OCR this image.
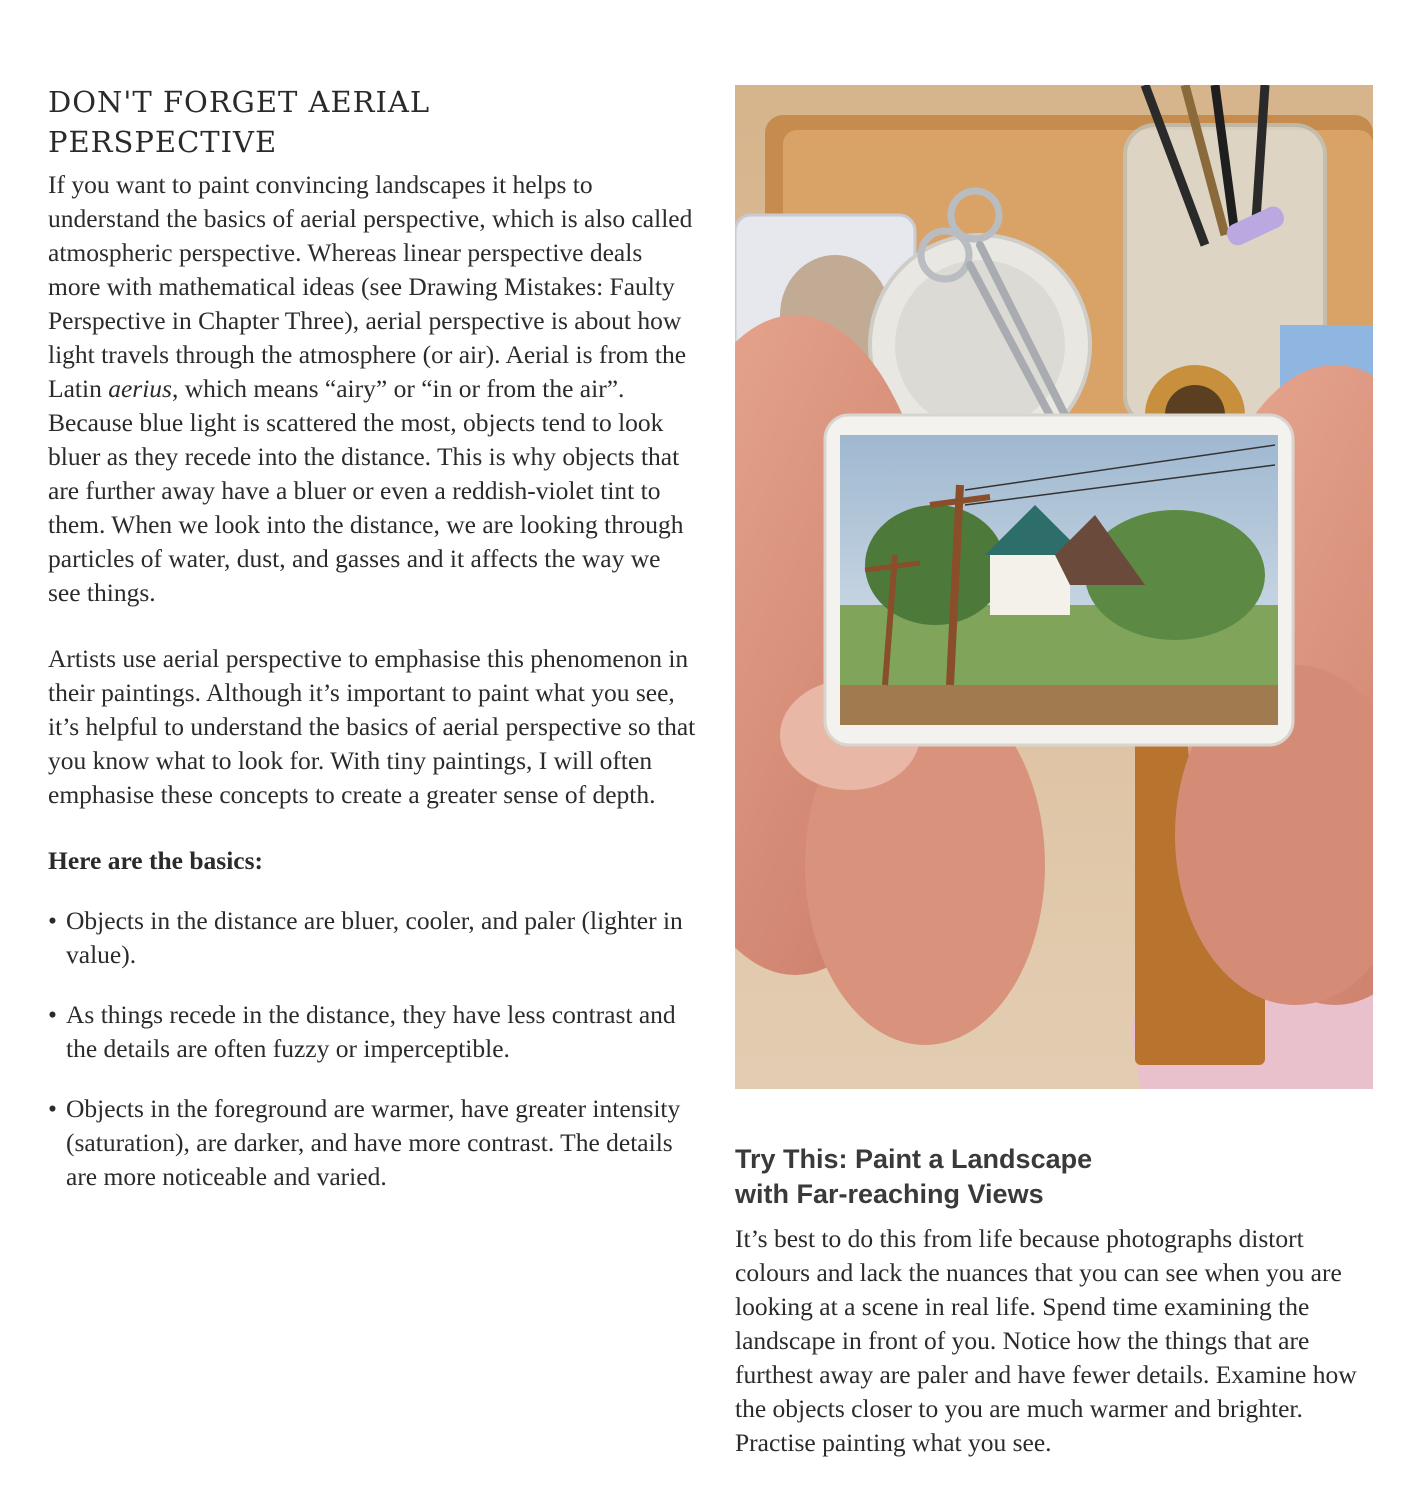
DON'T FORGET AERIAL PERSPECTIVE

If you want to paint convincing landscapes it helps to understand the basics of aerial perspective, which is also called atmospheric perspective. Whereas linear perspective deals more with mathematical ideas (see Drawing Mistakes: Faulty Perspective in Chapter Three), aerial perspective is about how light travels through the atmosphere (or air). Aerial is from the Latin aerius, which means “airy” or “in or from the air”. Because blue light is scattered the most, objects tend to look bluer as they recede into the distance. This is why objects that are further away have a bluer or even a reddish-violet tint to them. When we look into the distance, we are looking through particles of water, dust, and gasses and it affects the way we see things.

Artists use aerial perspective to emphasise this phenomenon in their paintings. Although it’s important to paint what you see, it’s helpful to understand the basics of aerial perspective so that you know what to look for. With tiny paintings, I will often emphasise these concepts to create a greater sense of depth.

Here are the basics:

• Objects in the distance are bluer, cooler, and paler (lighter in value).
• As things recede in the distance, they have less contrast and the details are often fuzzy or imperceptible.
• Objects in the foreground are warmer, have greater intensity (saturation), are darker, and have more contrast. The details are more noticeable and varied.
Try This: Paint a Landscape
with Far-reaching Views

It’s best to do this from life because photographs distort colours and lack the nuances that you can see when you are looking at a scene in real life. Spend time examining the landscape in front of you. Notice how the things that are furthest away are paler and have fewer details. Examine how the objects closer to you are much warmer and brighter. Practise painting what you see.
